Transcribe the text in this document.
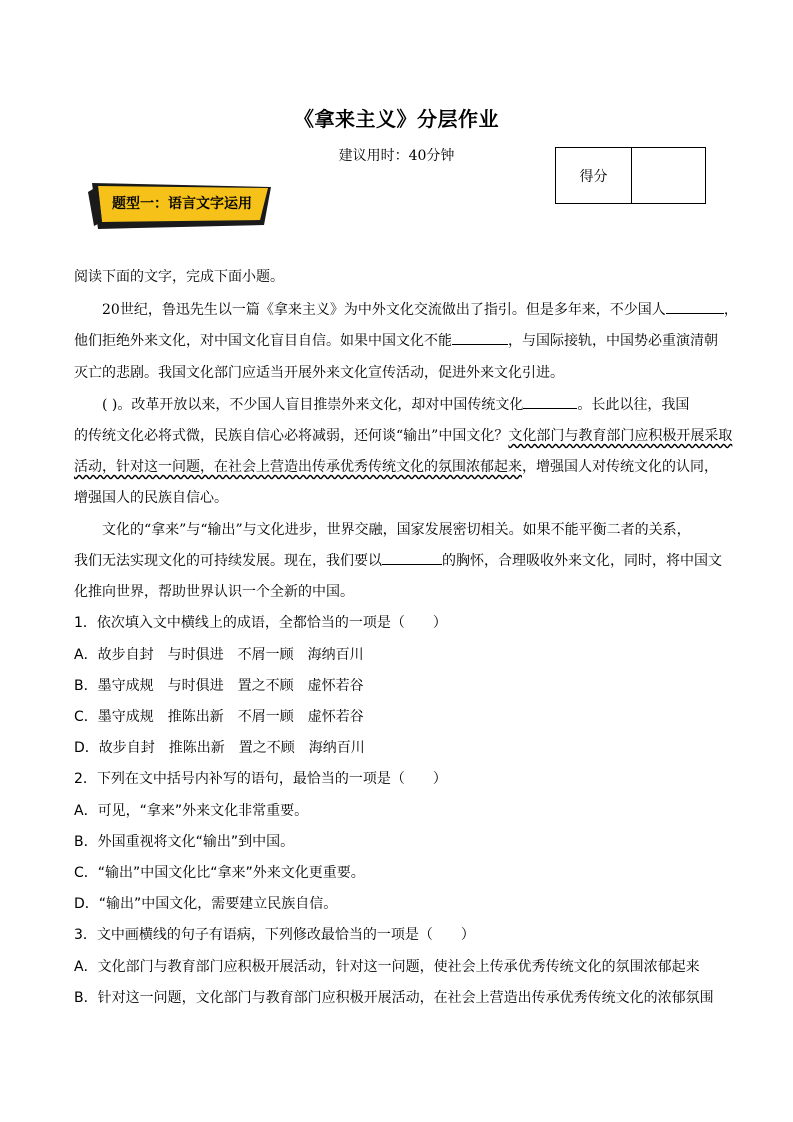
《拿来主义》分层作业
建议用时：40分钟
得分
题型一：语言文字运用
阅读下面的文字，完成下面小题。
20世纪，鲁迅先生以一篇《拿来主义》为中外文化交流做出了指引。但是多年来，不少国人	，
他们拒绝外来文化，对中国文化盲目自信。如果中国文化不能	，与国际接轨，中国势必重演清朝
灭亡的悲剧。我国文化部门应适当开展外来文化宣传活动，促进外来文化引进。
( )。改革开放以来，不少国人盲目推崇外来文化，却对中国传统文化	。长此以往，我国
的传统文化必将式微，民族自信心必将减弱，还何谈“输出”中国文化？文化部门与教育部门应积极开展采取
活动，针对这一问题，在社会上营造出传承优秀传统文化的氛围浓郁起来，增强国人对传统文化的认同，
增强国人的民族自信心。
文化的“拿来”与“输出”与文化进步，世界交融，国家发展密切相关。如果不能平衡二者的关系，
我们无法实现文化的可持续发展。现在，我们要以	的胸怀，合理吸收外来文化，同时，将中国文
化推向世界，帮助世界认识一个全新的中国。
1．依次填入文中横线上的成语，全都恰当的一项是（　　）
A．故步自封　与时俱进　不屑一顾　海纳百川
B．墨守成规　与时俱进　置之不顾　虚怀若谷
C．墨守成规　推陈出新　不屑一顾　虚怀若谷
D．故步自封　推陈出新　置之不顾　海纳百川
2．下列在文中括号内补写的语句，最恰当的一项是（　　）
A．可见，“拿来”外来文化非常重要。
B．外国重视将文化“输出”到中国。
C．“输出”中国文化比“拿来”外来文化更重要。
D．“输出”中国文化，需要建立民族自信。
3．文中画横线的句子有语病，下列修改最恰当的一项是（　　）
A．文化部门与教育部门应积极开展活动，针对这一问题，使社会上传承优秀传统文化的氛围浓郁起来
B．针对这一问题，文化部门与教育部门应积极开展活动，在社会上营造出传承优秀传统文化的浓郁氛围
